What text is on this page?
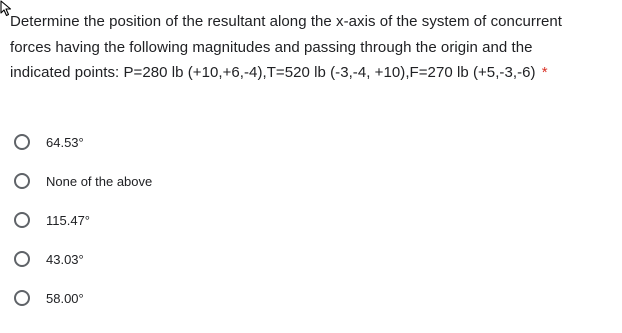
Determine the position of the resultant along the x-axis of the system of concurrent forces having the following magnitudes and passing through the origin and the indicated points: P=280 lb (+10,+6,-4),T=520 lb (-3,-4, +10),F=270 lb (+5,-3,-6) *
64.53°
None of the above
115.47°
43.03°
58.00°
